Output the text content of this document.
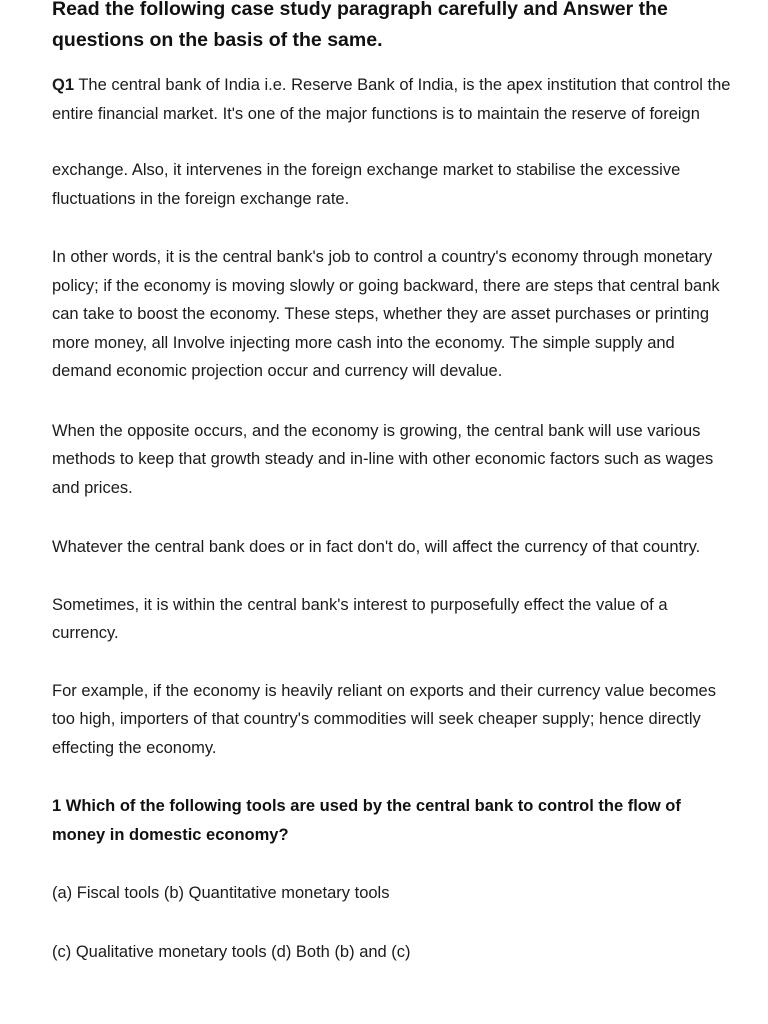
Read the following case study paragraph carefully and Answer the questions on the basis of the same.

Q1 The central bank of India i.e. Reserve Bank of India, is the apex institution that control the entire financial market. It's one of the major functions is to maintain the reserve of foreign

exchange. Also, it intervenes in the foreign exchange market to stabilise the excessive fluctuations in the foreign exchange rate.

In other words, it is the central bank's job to control a country's economy through monetary policy; if the economy is moving slowly or going backward, there are steps that central bank can take to boost the economy. These steps, whether they are asset purchases or printing more money, all Involve injecting more cash into the economy. The simple supply and demand economic projection occur and currency will devalue.

When the opposite occurs, and the economy is growing, the central bank will use various methods to keep that growth steady and in-line with other economic factors such as wages and prices.

Whatever the central bank does or in fact don't do, will affect the currency of that country.

Sometimes, it is within the central bank's interest to purposefully effect the value of a currency.

For example, if the economy is heavily reliant on exports and their currency value becomes too high, importers of that country's commodities will seek cheaper supply; hence directly effecting the economy.

1 Which of the following tools are used by the central bank to control the flow of money in domestic economy?

(a) Fiscal tools (b) Quantitative monetary tools

(c) Qualitative monetary tools (d) Both (b) and (c)
